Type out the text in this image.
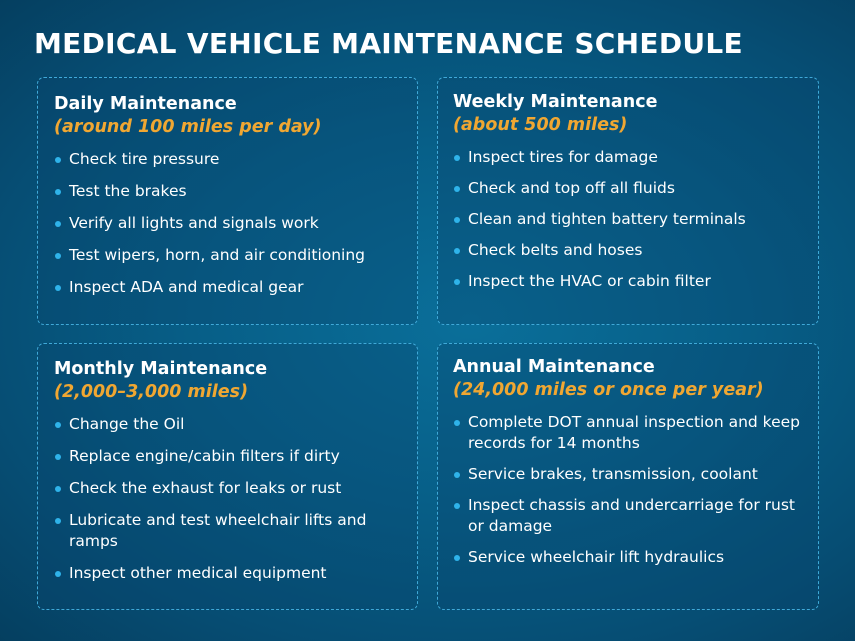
MEDICAL VEHICLE MAINTENANCE SCHEDULE
Daily Maintenance
(around 100 miles per day)
Check tire pressure
Test the brakes
Verify all lights and signals work
Test wipers, horn, and air conditioning
Inspect ADA and medical gear
Weekly Maintenance
(about 500 miles)
Inspect tires for damage
Check and top off all fluids
Clean and tighten battery terminals
Check belts and hoses
Inspect the HVAC or cabin filter
Monthly Maintenance
(2,000–3,000 miles)
Change the Oil
Replace engine/cabin filters if dirty
Check the exhaust for leaks or rust
Lubricate and test wheelchair lifts and ramps
Inspect other medical equipment
Annual Maintenance
(24,000 miles or once per year)
Complete DOT annual inspection and keep records for 14 months
Service brakes, transmission, coolant
Inspect chassis and undercarriage for rust or damage
Service wheelchair lift hydraulics
